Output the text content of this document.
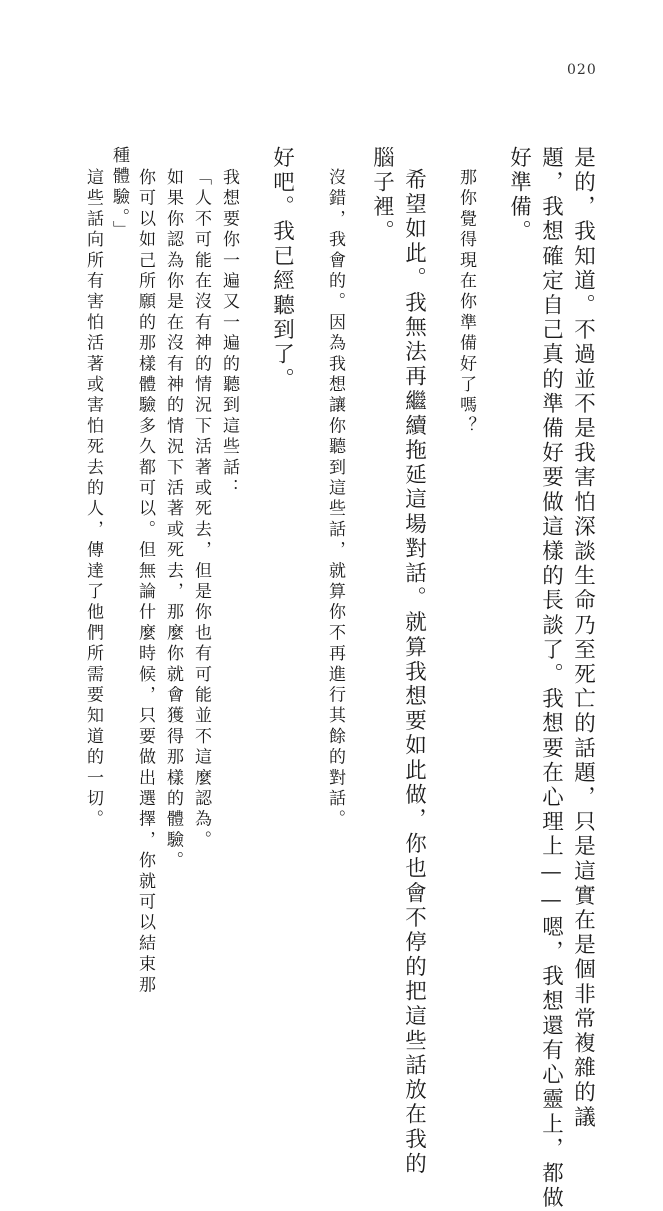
020
是的，我知道。不過並不是我害怕深談生命乃至死亡的話題，只是這實在是個非常複雜的議
題，我想確定自己真的準備好要做這樣的長談了。我想要在心理上——嗯，我想還有心靈上，都做
好準備。
那你覺得現在你準備好了嗎？
希望如此。我無法再繼續拖延這場對話。就算我想要如此做，你也會不停的把這些話放在我的
腦子裡。
沒錯，我會的。因為我想讓你聽到這些話，就算你不再進行其餘的對話。
好吧。我已經聽到了。
我想要你一遍又一遍的聽到這些話：
「人不可能在沒有神的情況下活著或死去，但是你也有可能並不這麼認為。
如果你認為你是在沒有神的情況下活著或死去，那麼你就會獲得那樣的體驗。
你可以如己所願的那樣體驗多久都可以。但無論什麼時候，只要做出選擇，你就可以結束那
種體驗。」
這些話向所有害怕活著或害怕死去的人，傳達了他們所需要知道的一切。
